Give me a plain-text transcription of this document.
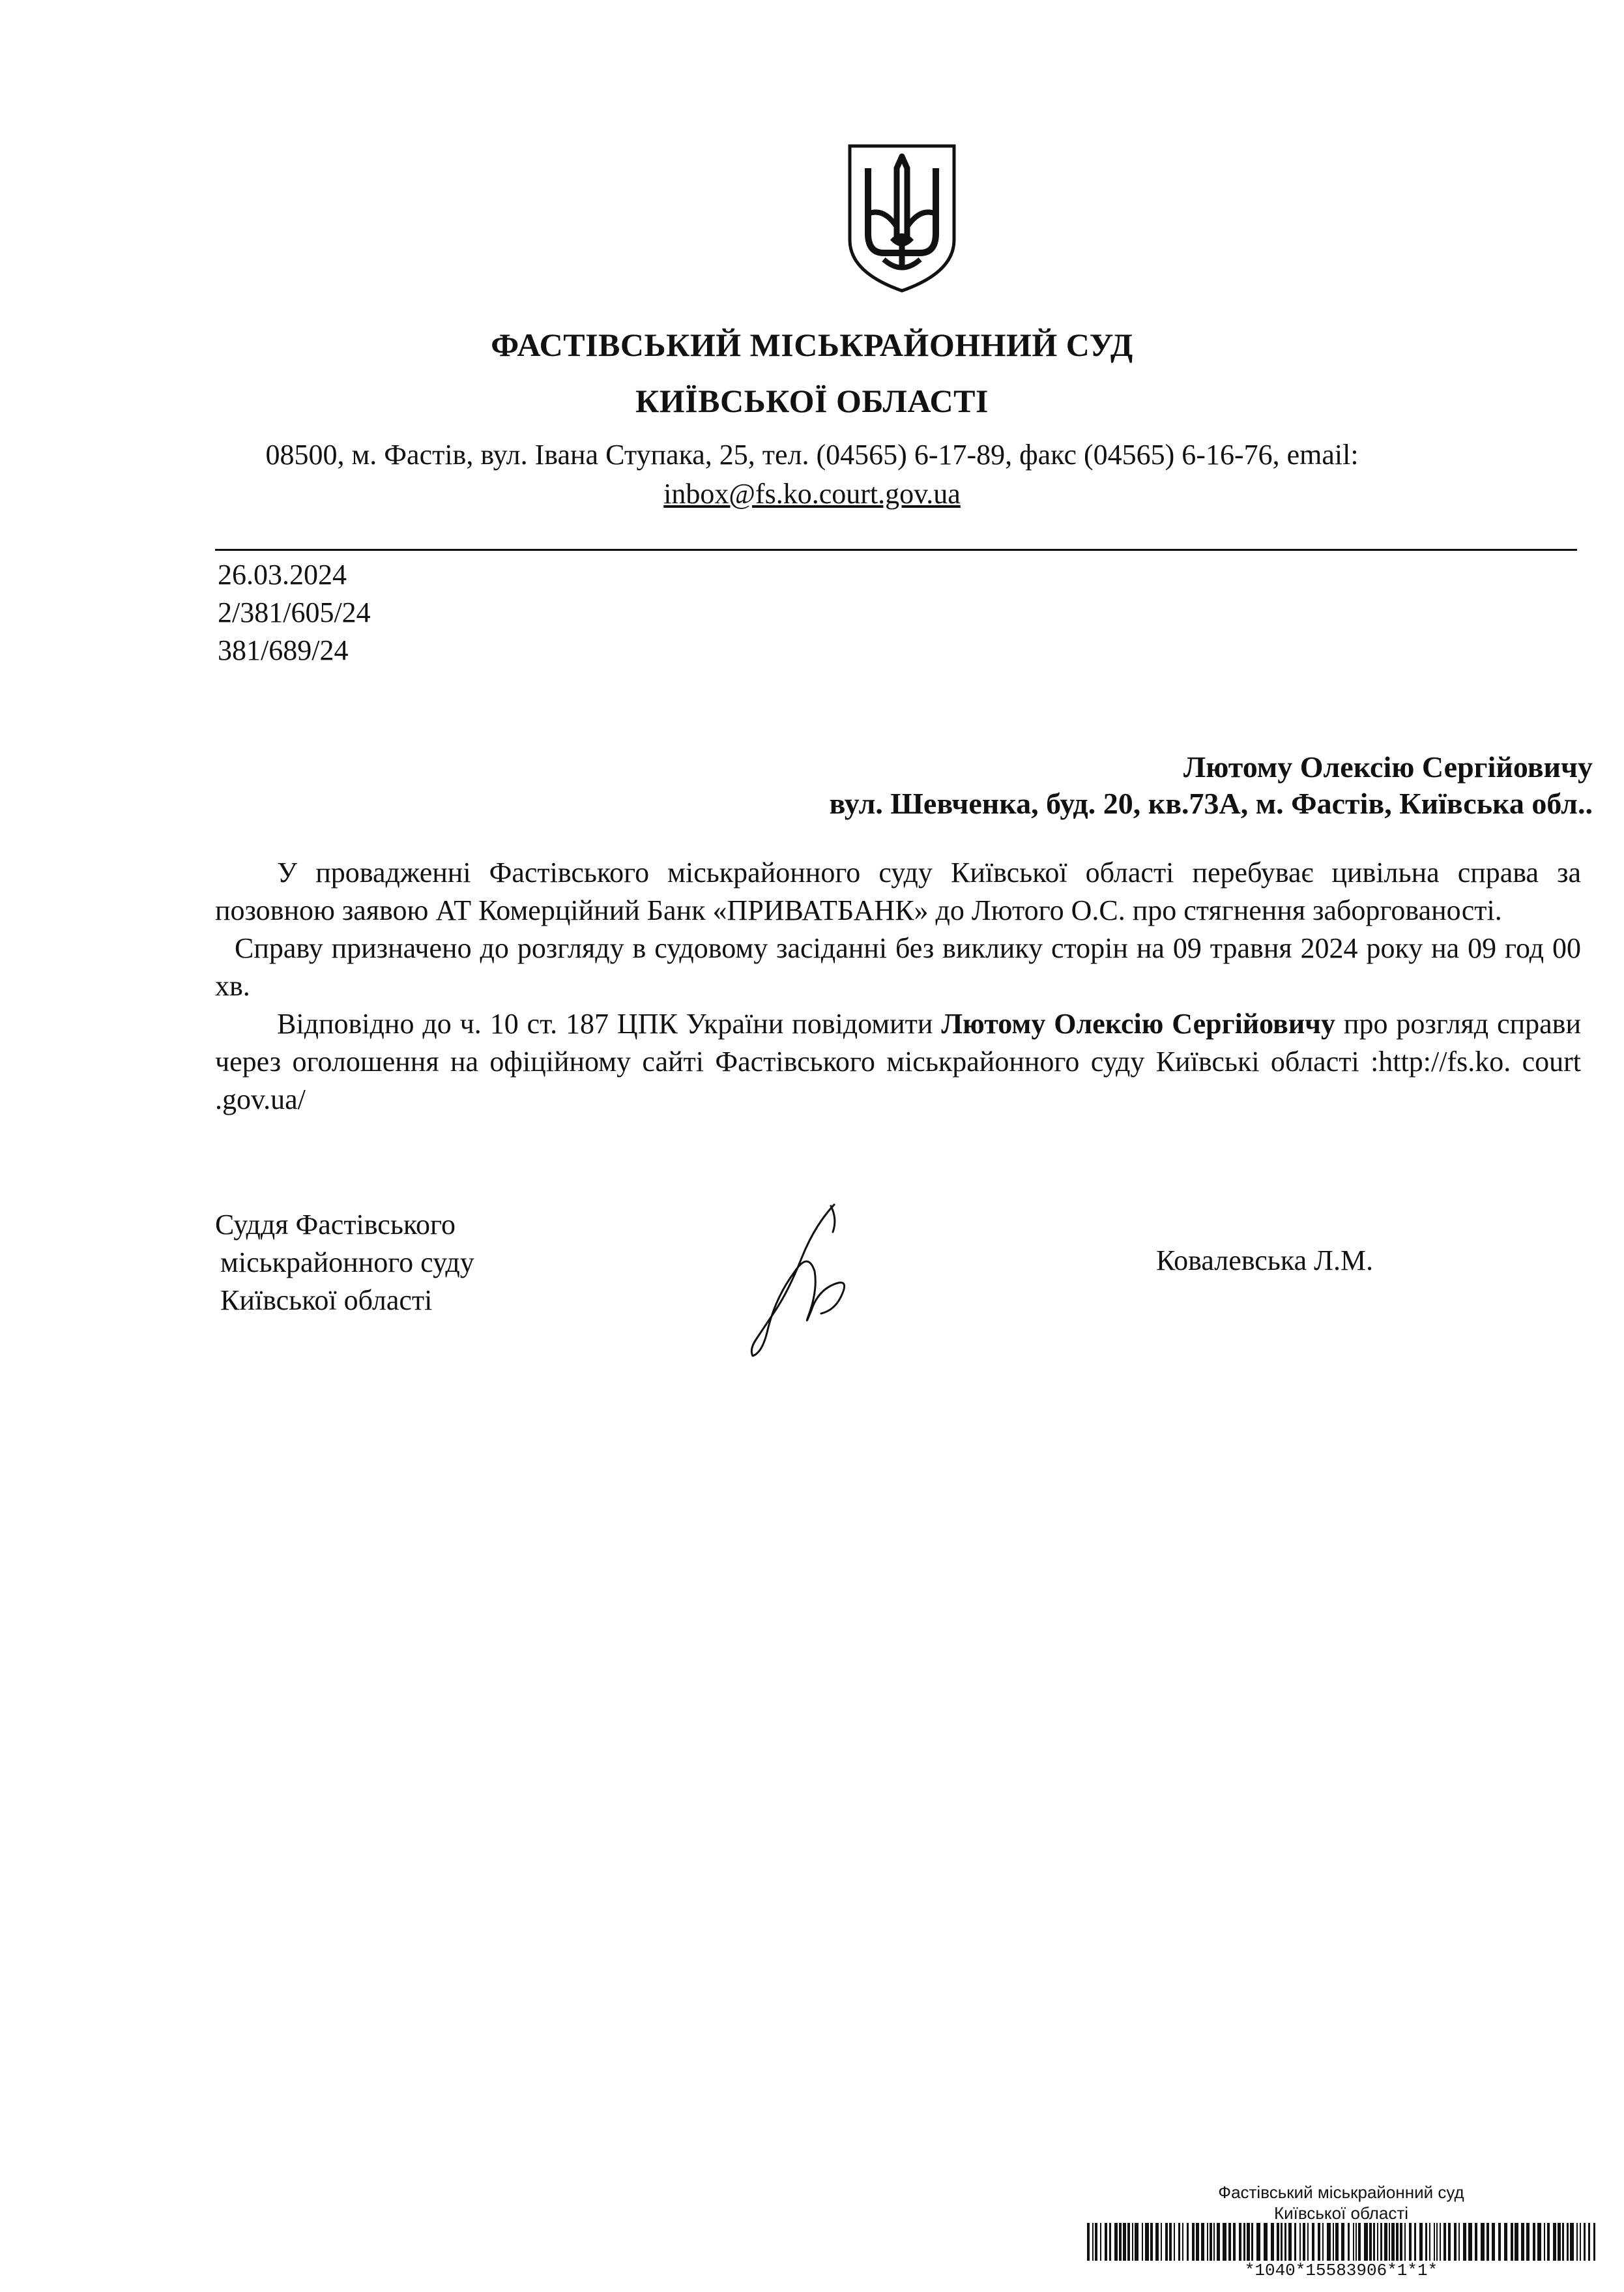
ФАСТІВСЬКИЙ МІСЬКРАЙОННИЙ СУД
КИЇВСЬКОЇ ОБЛАСТІ
08500, м. Фастів, вул. Івана Ступака, 25, тел. (04565) 6-17-89, факс (04565) 6-16-76, email:
inbox@fs.ko.court.gov.ua
26.03.2024
2/381/605/24
381/689/24
Лютому Олексію Сергійовичу
вул. Шевченка, буд. 20, кв.73А, м. Фастів, Київська обл..

У провадженні Фастівського міськрайонного суду Київської області перебуває цивільна справа за позовною заявою АТ Комерційний Банк «ПРИВАТБАНК» до Лютого О.С. про стягнення заборгованості.

Справу призначено до розгляду в судовому засіданні без виклику сторін на 09 травня 2024 року на 09 год 00 хв.

Відповідно до ч. 10 ст. 187 ЦПК України повідомити Лютому Олексію Сергійовичу про розгляд справи через оголошення на офіційному сайті Фастівського міськрайонного суду Київські області :http://fs.ko. court .gov.ua/

Суддя Фастівського
міськрайонного суду
Київської області
Ковалевська Л.М.
Фастівський міськрайонний суд
Київської області
*1040*15583906*1*1*
